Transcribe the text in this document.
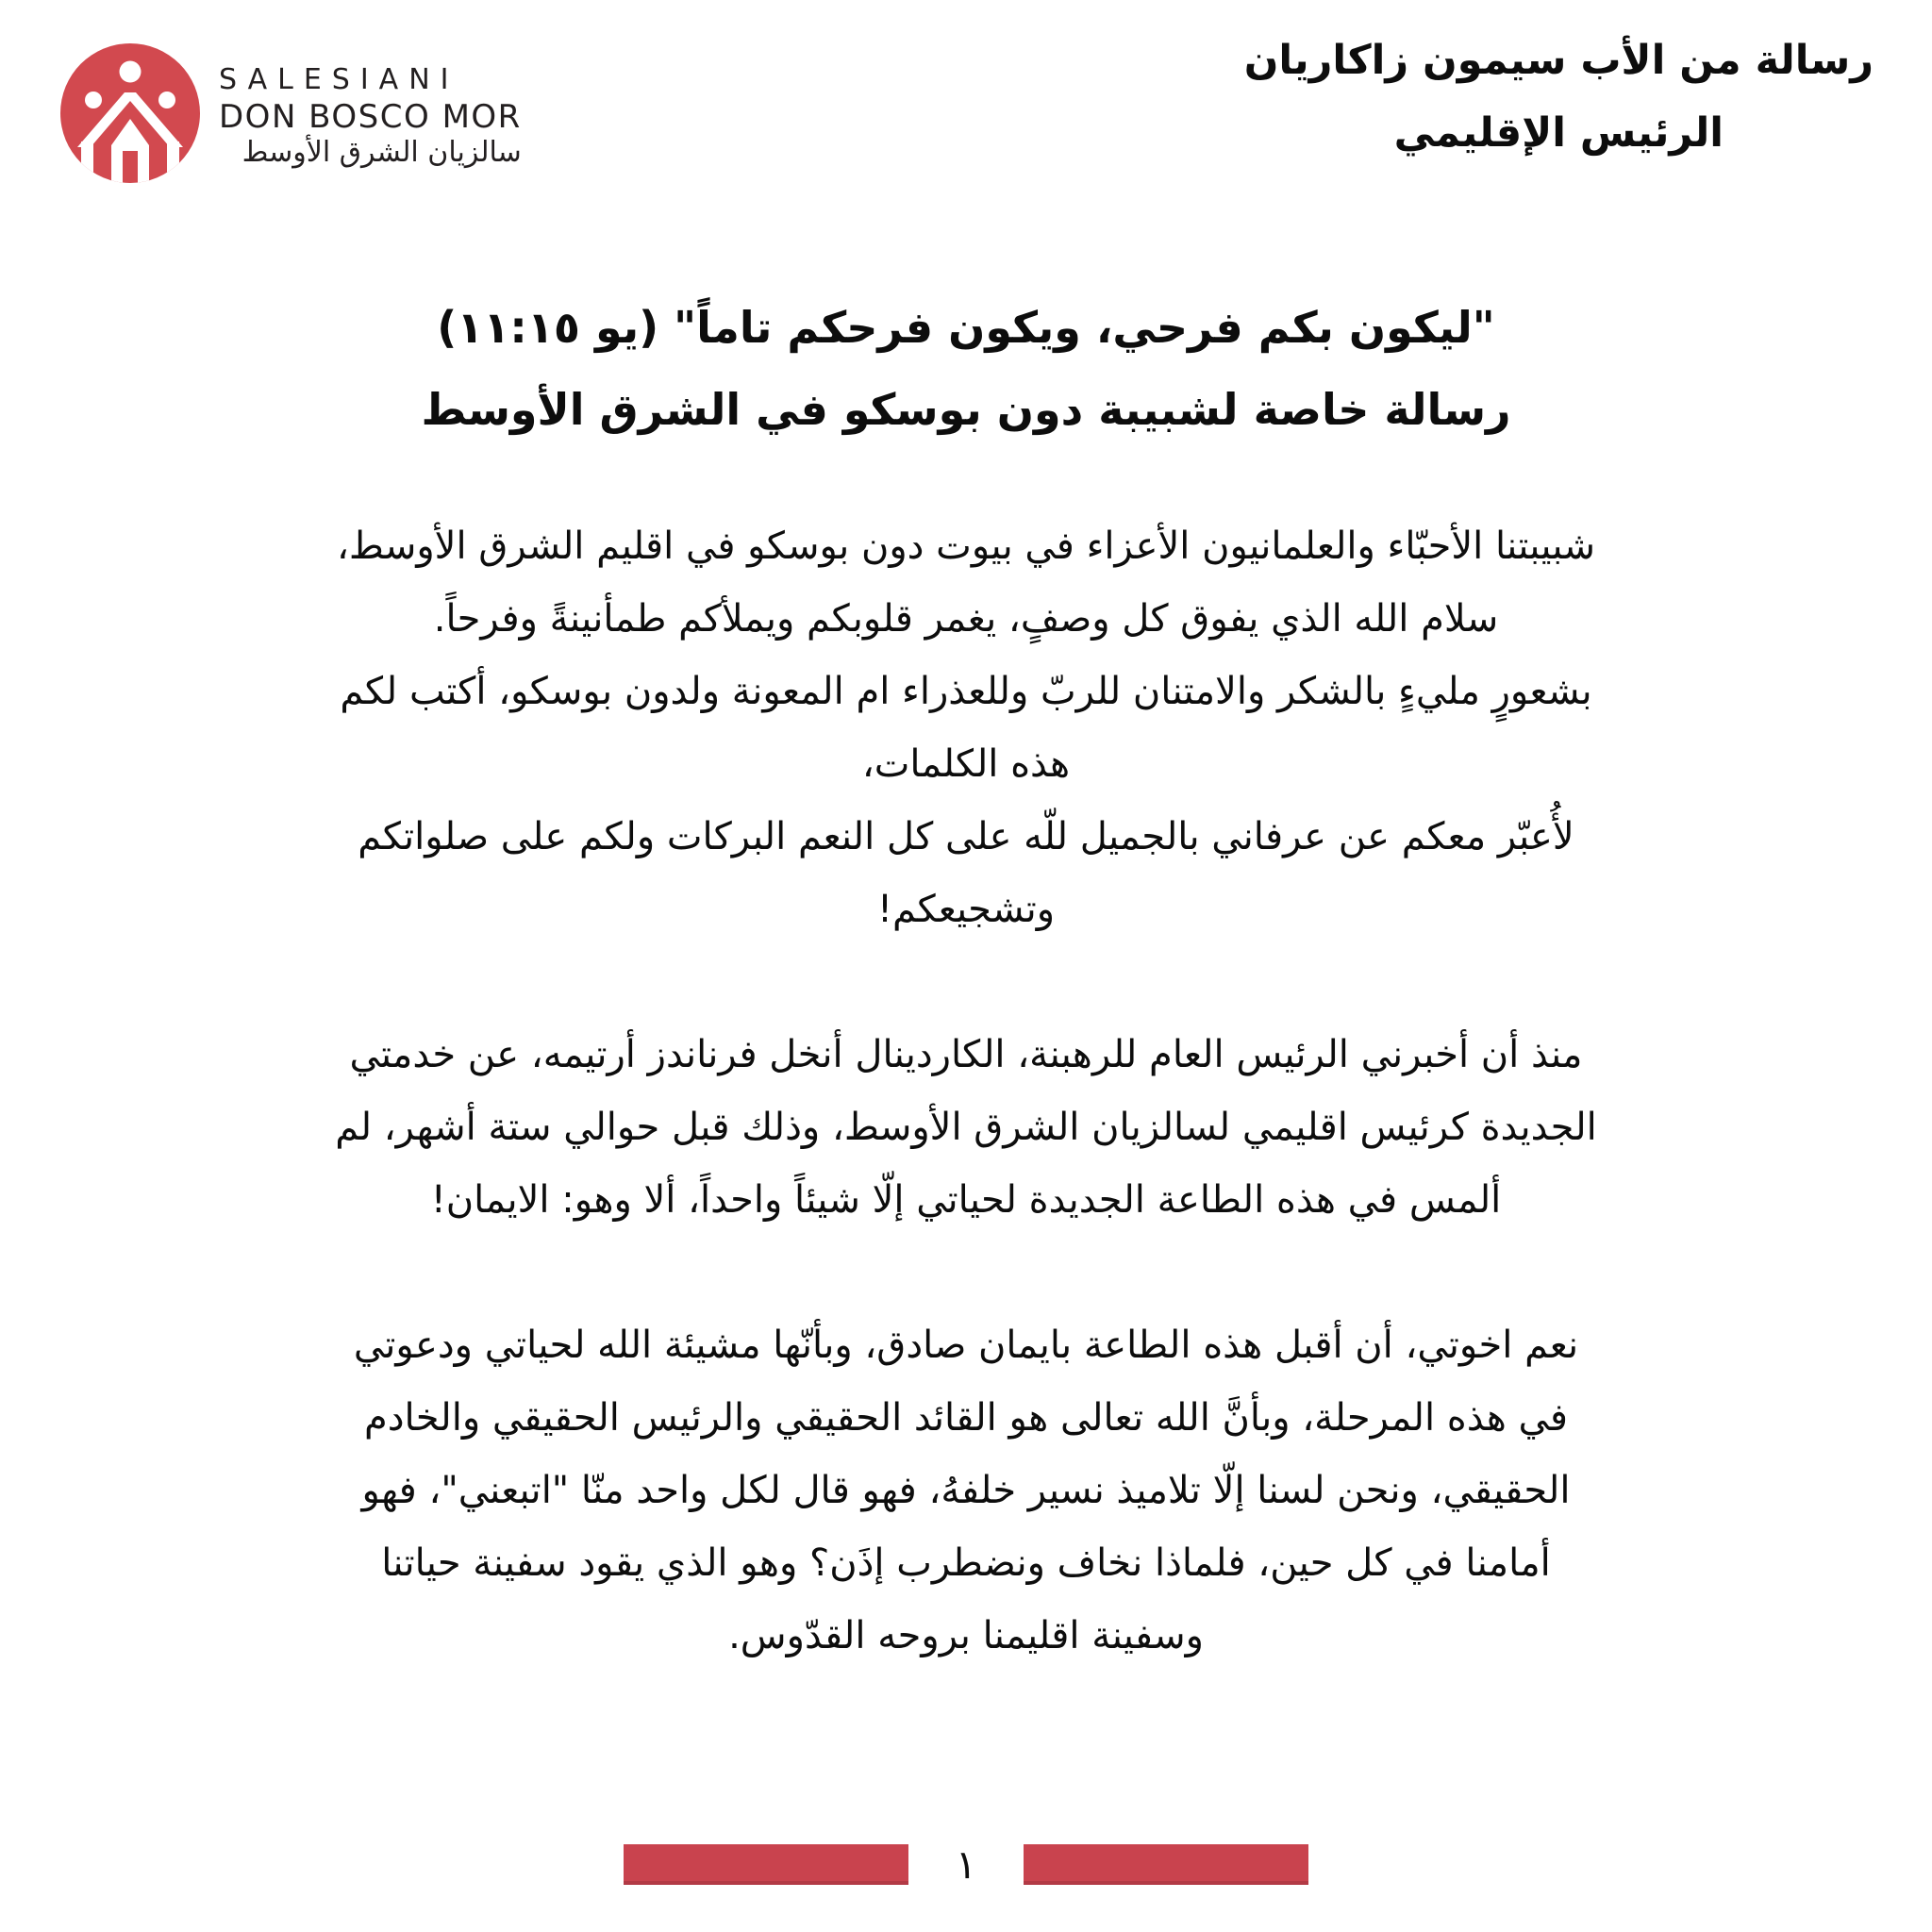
SALESIANI
DON BOSCO MOR
سالزيان الشرق الأوسط
رسالة من الأب سيمون زاكاريان
الرئيس الإقليمي
"ليكون بكم فرحي، ويكون فرحكم تاماً" (يو ١١:١٥)
رسالة خاصة لشبيبة دون بوسكو في الشرق الأوسط
شبيبتنا الأحبّاء والعلمانيون الأعزاء في بيوت دون بوسكو في اقليم الشرق الأوسط،
سلام الله الذي يفوق كل وصفٍ، يغمر قلوبكم ويملأكم طمأنينةً وفرحاً.
بشعورٍ مليءٍ بالشكر والامتنان للربّ وللعذراء ام المعونة ولدون بوسكو، أكتب لكم
هذه الكلمات،
لأُعبّر معكم عن عرفاني بالجميل للّه على كل النعم البركات ولكم على صلواتكم
وتشجيعكم!
منذ أن أخبرني الرئيس العام للرهبنة، الكاردينال أنخل فرناندز أرتيمه، عن خدمتي
الجديدة كرئيس اقليمي لسالزيان الشرق الأوسط، وذلك قبل حوالي ستة أشهر، لم
ألمس في هذه الطاعة الجديدة لحياتي إلّا شيئاً واحداً، ألا وهو: الايمان!
نعم اخوتي، أن أقبل هذه الطاعة بايمان صادق، وبأنّها مشيئة الله لحياتي ودعوتي
في هذه المرحلة، وبأنَّ الله تعالى هو القائد الحقيقي والرئيس الحقيقي والخادم
الحقيقي، ونحن لسنا إلّا تلاميذ نسير خلفهُ، فهو قال لكل واحد منّا "اتبعني"، فهو
أمامنا في كل حين، فلماذا نخاف ونضطرب إذَن؟ وهو الذي يقود سفينة حياتنا
وسفينة اقليمنا بروحه القدّوس.
١
